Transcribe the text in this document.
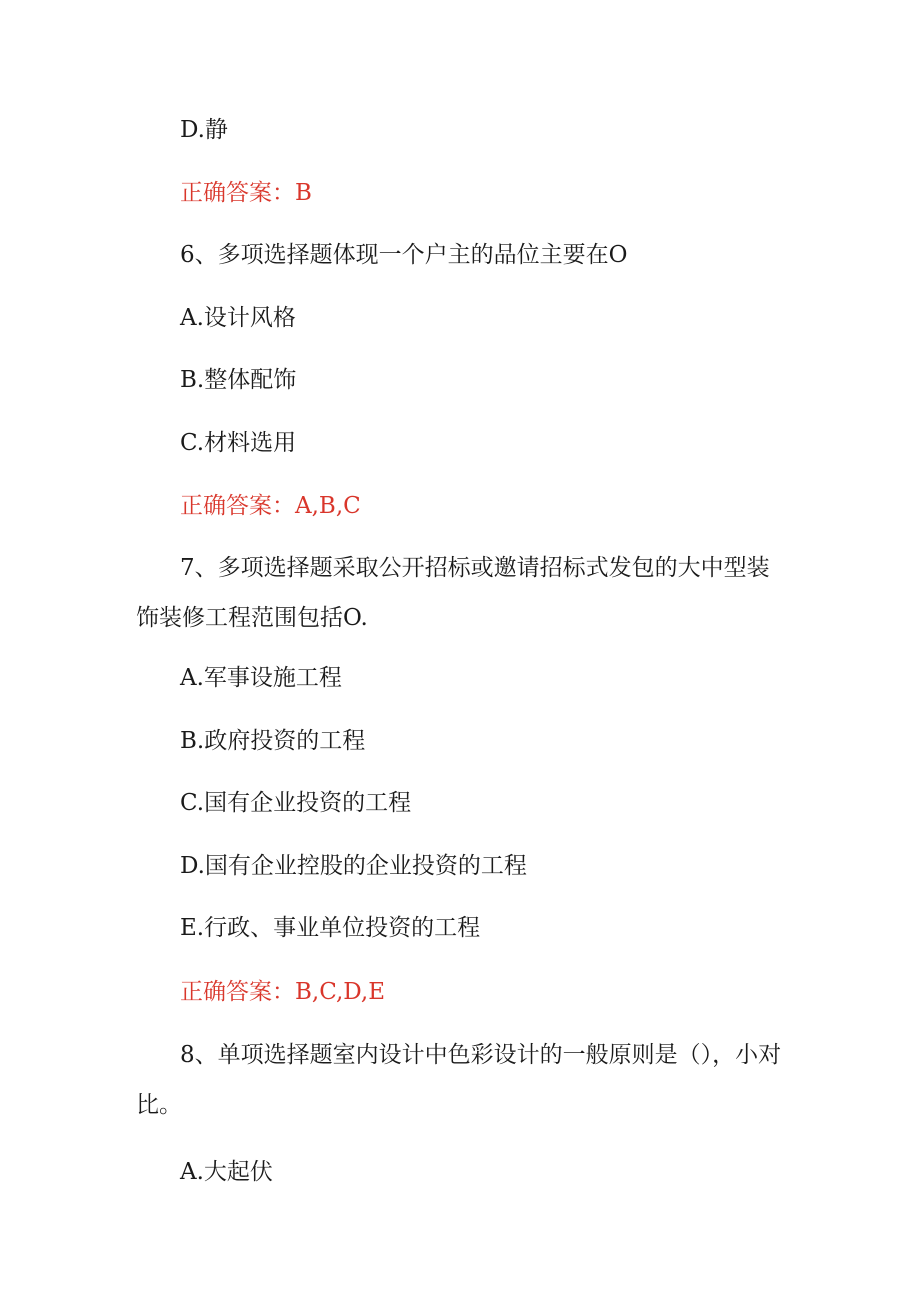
D.静
正确答案：B
6、多项选择题体现一个户主的品位主要在O
A.设计风格
B.整体配饰
C.材料选用
正确答案：A,B,C
7、多项选择题采取公开招标或邀请招标式发包的大中型装
饰装修工程范围包括O.
A.军事设施工程
B.政府投资的工程
C.国有企业投资的工程
D.国有企业控股的企业投资的工程
E.行政、事业单位投资的工程
正确答案：B,C,D,E
8、单项选择题室内设计中色彩设计的一般原则是（），小对
比。
A.大起伏
